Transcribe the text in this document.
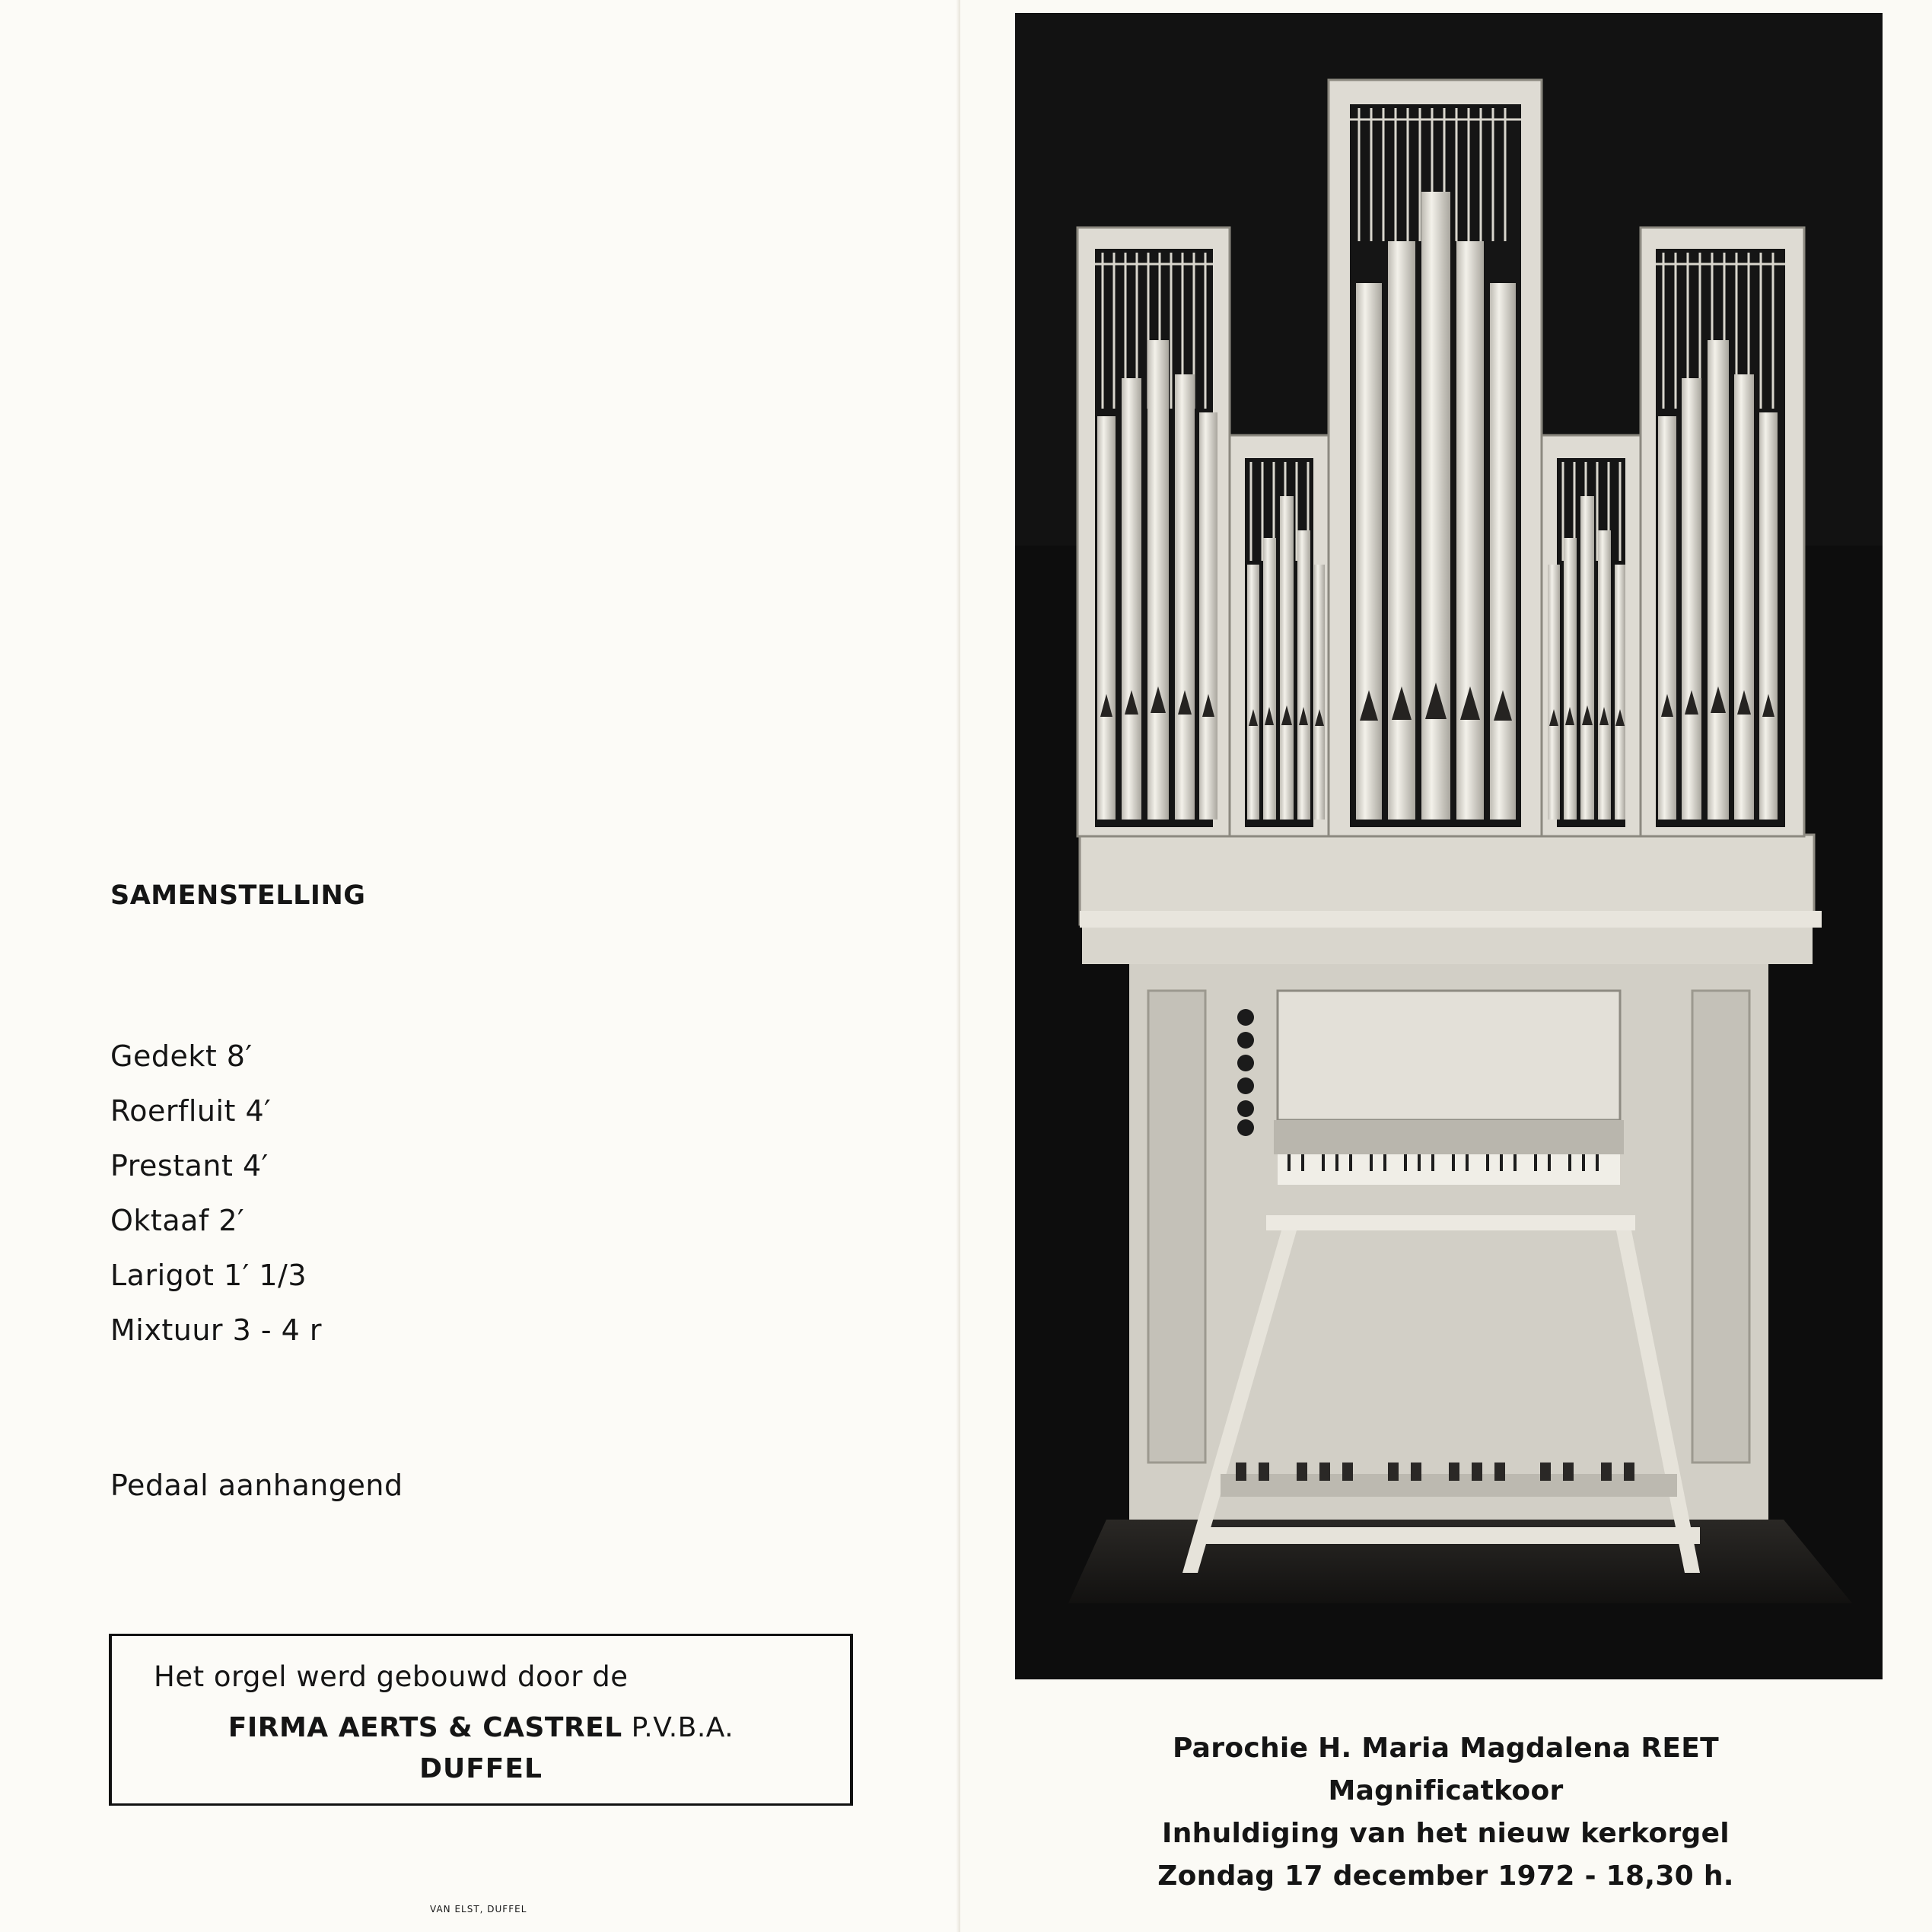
SAMENSTELLING
Gedekt 8′
Roerfluit 4′
Prestant 4′
Oktaaf 2′
Larigot 1′ 1/3
Mixtuur 3 - 4 r
Pedaal aanhangend
Het orgel werd gebouwd door de
FIRMA AERTS & CASTREL P.V.B.A.
DUFFEL
VAN ELST, DUFFEL
Parochie H. Maria Magdalena REET
Magnificatkoor
Inhuldiging van het nieuw kerkorgel
Zondag 17 december 1972 - 18,30 h.
